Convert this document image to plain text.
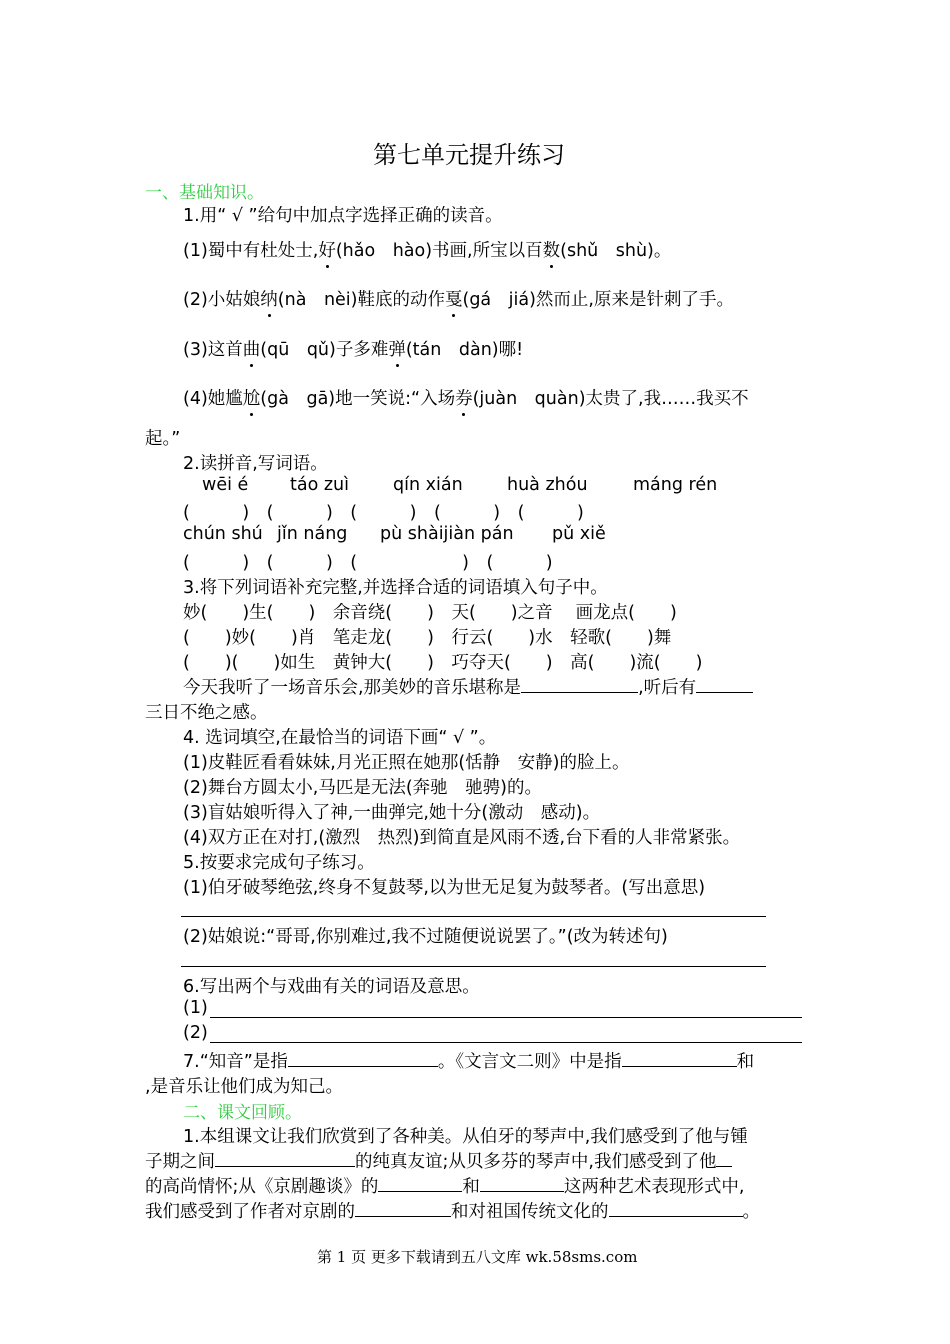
第七单元提升练习
一、基础知识。
1.用“ √ ”给句中加点字选择正确的读音。
(1)蜀中有杜处士,好(hǎo　hào)书画,所宝以百数(shǔ　shù)。
(2)小姑娘纳(nà　nèi)鞋底的动作戛(gá　jiá)然而止,原来是针刺了手。
(3)这首曲(qū　qǔ)子多难弹(tán　dàn)哪!
(4)她尴尬(gà　gā)地一笑说:“入场券(juàn　quàn)太贵了,我……我买不
起。”
2.读拼音,写词语。
wēi é táo zuì	qín xián	huà zhóu	máng rén
(　　　)　(　　　)　(　　　)　(　　　)　(　　　)
chún shú jǐn náng pù shàijiàn pán pǔ xiě
(　　　)　(　　　)　(　　　　　　)　(　　　)
3.将下列词语补充完整,并选择合适的词语填入句子中。
妙(　　)生(　　)　余音绕(　　)　天(　　)之音　 画龙点(　　)
(　　)妙(　　)肖　笔走龙(　　)　行云(　　)水　轻歌(　　)舞
(　　)(　　)如生　黄钟大(　　)　巧夺天(　　)　高(　　)流(　　)
今天我听了一场音乐会,那美妙的音乐堪称是	,听后有
三日不绝之感。
4. 选词填空,在最恰当的词语下画“ √ ”。
(1)皮鞋匠看看妹妹,月光正照在她那(恬静　安静)的脸上。
(2)舞台方圆太小,马匹是无法(奔驰　驰骋)的。
(3)盲姑娘听得入了神,一曲弹完,她十分(激动　感动)。
(4)双方正在对打,(激烈　热烈)到简直是风雨不透,台下看的人非常紧张。
5.按要求完成句子练习。
(1)伯牙破琴绝弦,终身不复鼓琴,以为世无足复为鼓琴者。(写出意思)
(2)姑娘说:“哥哥,你别难过,我不过随便说说罢了。”(改为转述句)
6.写出两个与戏曲有关的词语及意思。
(1)
(2)
7.“知音”是指	。《文言文二则》中是指	和
,是音乐让他们成为知己。
二、课文回顾。
1.本组课文让我们欣赏到了各种美。从伯牙的琴声中,我们感受到了他与锺
子期之间	的纯真友谊;从贝多芬的琴声中,我们感受到了他
的高尚情怀;从《京剧趣谈》的	和	这两种艺术表现形式中,
我们感受到了作者对京剧的	和对祖国传统文化的	。
第 1 页 更多下载请到五八文库 wk.58sms.com
